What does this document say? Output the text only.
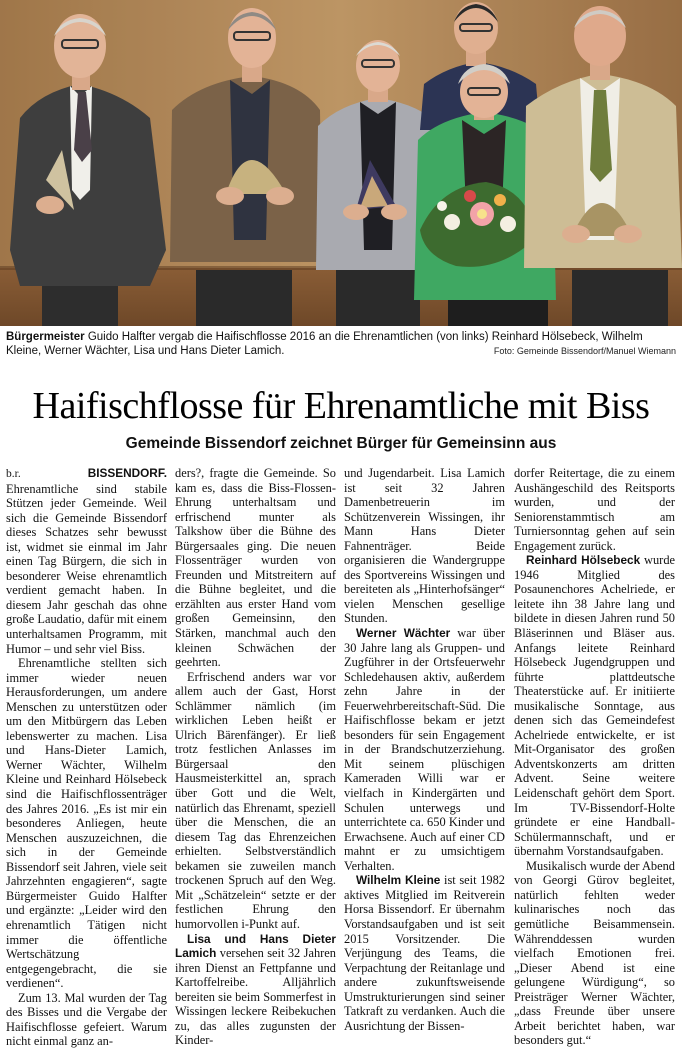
Bürgermeister Guido Halfter vergab die Haifischflosse 2016 an die Ehrenamtlichen (von links) Reinhard Hölsebeck, Wilhelm Kleine, Werner Wächter, Lisa und Hans Dieter Lamich.	Foto: Gemeinde Bissendorf/Manuel Wiemann
Haifischflosse für Ehrenamtliche mit Biss
Gemeinde Bissendorf zeichnet Bürger für Gemeinsinn aus

b.r.	BISSENDORF. Ehrenamtliche sind stabile Stützen jeder Gemeinde. Weil sich die Gemeinde Bissendorf dieses Schatzes sehr bewusst ist, widmet sie einmal im Jahr einen Tag Bürgern, die sich in besonderer Weise ehrenamtlich verdient gemacht haben. In diesem Jahr geschah das ohne große Laudatio, dafür mit einem unterhaltsamen Programm, mit Humor – und sehr viel Biss.

Ehrenamtliche stellten sich immer wieder neuen Herausforderungen, um andere Menschen zu unterstützen oder um den Mitbürgern das Leben lebenswerter zu machen. Lisa und Hans-Dieter Lamich, Werner Wächter, Wilhelm Kleine und Reinhard Hölsebeck sind die Haifischflossenträger des Jahres 2016. „Es ist mir ein besonderes Anliegen, heute Menschen auszuzeichnen, die sich in der Gemeinde Bissendorf seit Jahren, viele seit Jahrzehnten engagieren“, sagte Bürgermeister Guido Halfter und ergänzte: „Leider wird den ehrenamtlich Tätigen nicht immer die öffentliche Wertschätzung entgegengebracht, die sie verdienen“.

Zum 13. Mal wurden der Tag des Bisses und die Vergabe der Haifischflosse gefeiert. Warum nicht einmal ganz an-

ders?, fragte die Gemeinde. So kam es, dass die Biss-Flossen-Ehrung unterhaltsam und erfrischend munter als Talkshow über die Bühne des Bürgersaales ging. Die neuen Flossenträger wurden von Freunden und Mitstreitern auf die Bühne begleitet, und die erzählten aus erster Hand vom großen Gemeinsinn, den Stärken, manchmal auch den kleinen Schwächen der geehrten.

Erfrischend anders war vor allem auch der Gast, Horst Schlämmer nämlich (im wirklichen Leben heißt er Ulrich Bärenfänger). Er ließ trotz festlichen Anlasses im Bürgersaal den Hausmeisterkittel an, sprach über Gott und die Welt, natürlich das Ehrenamt, speziell über die Menschen, die an diesem Tag das Ehrenzeichen erhielten. Selbstverständlich bekamen sie zuweilen manch trockenen Spruch auf den Weg. Mit „Schätzelein“ setzte er der festlichen Ehrung den humorvollen i-Punkt auf.

Lisa und Hans Dieter Lamich versehen seit 32 Jahren ihren Dienst an Fettpfanne und Kartoffelreibe. Alljährlich bereiten sie beim Sommerfest in Wissingen leckere Reibekuchen zu, das alles zugunsten der Kinder-

und Jugendarbeit. Lisa Lamich ist seit 32 Jahren Damenbetreuerin im Schützenverein Wissingen, ihr Mann Hans Dieter Fahnenträger. Beide organisieren die Wandergruppe des Sportvereins Wissingen und bereiteten als „Hinterhofsänger“ vielen Menschen gesellige Stunden.

Werner Wächter war über 30 Jahre lang als Gruppen- und Zugführer in der Ortsfeuerwehr Schledehausen aktiv, außerdem zehn Jahre in der Feuerwehrbereitschaft-Süd. Die Haifischflosse bekam er jetzt besonders für sein Engagement in der Brandschutzerziehung. Mit seinem plüschigen Kameraden Willi war er vielfach in Kindergärten und Schulen unterwegs und unterrichtete ca. 650 Kinder und Erwachsene. Auch auf einer CD mahnt er zu umsichtigem Verhalten.

Wilhelm Kleine ist seit 1982 aktives Mitglied im Reitverein Horsa Bissendorf. Er übernahm Vorstandsaufgaben und ist seit 2015 Vorsitzender. Die Verjüngung des Teams, die Verpachtung der Reitanlage und andere zukunftsweisende Umstrukturierungen sind seiner Tatkraft zu verdanken. Auch die Ausrichtung der Bissen-

dorfer Reitertage, die zu einem Aushängeschild des Reitsports wurden, und der Seniorenstammtisch am Turniersonntag gehen auf sein Engagement zurück.

Reinhard Hölsebeck wurde 1946 Mitglied des Posaunenchores Achelriede, er leitete ihn 38 Jahre lang und bildete in diesen Jahren rund 50 Bläserinnen und Bläser aus. Anfangs leitete Reinhard Hölsebeck Jugendgruppen und führte plattdeutsche Theaterstücke auf. Er initiierte musikalische Sonntage, aus denen sich das Gemeindefest Achelriede entwickelte, er ist Mit-Organisator des großen Adventskonzerts am dritten Advent. Seine weitere Leidenschaft gehört dem Sport. Im TV-Bissendorf-Holte gründete er eine Handball-Schülermannschaft, und er übernahm Vorstandsaufgaben.

Musikalisch wurde der Abend von Georgi Gürov begleitet, natürlich fehlten weder kulinarisches noch das gemütliche Beisammensein. Währenddessen wurden vielfach Emotionen frei. „Dieser Abend ist eine gelungene Würdigung“, so Preisträger Werner Wächter, „dass Freunde über unsere Arbeit berichtet haben, war besonders gut.“
